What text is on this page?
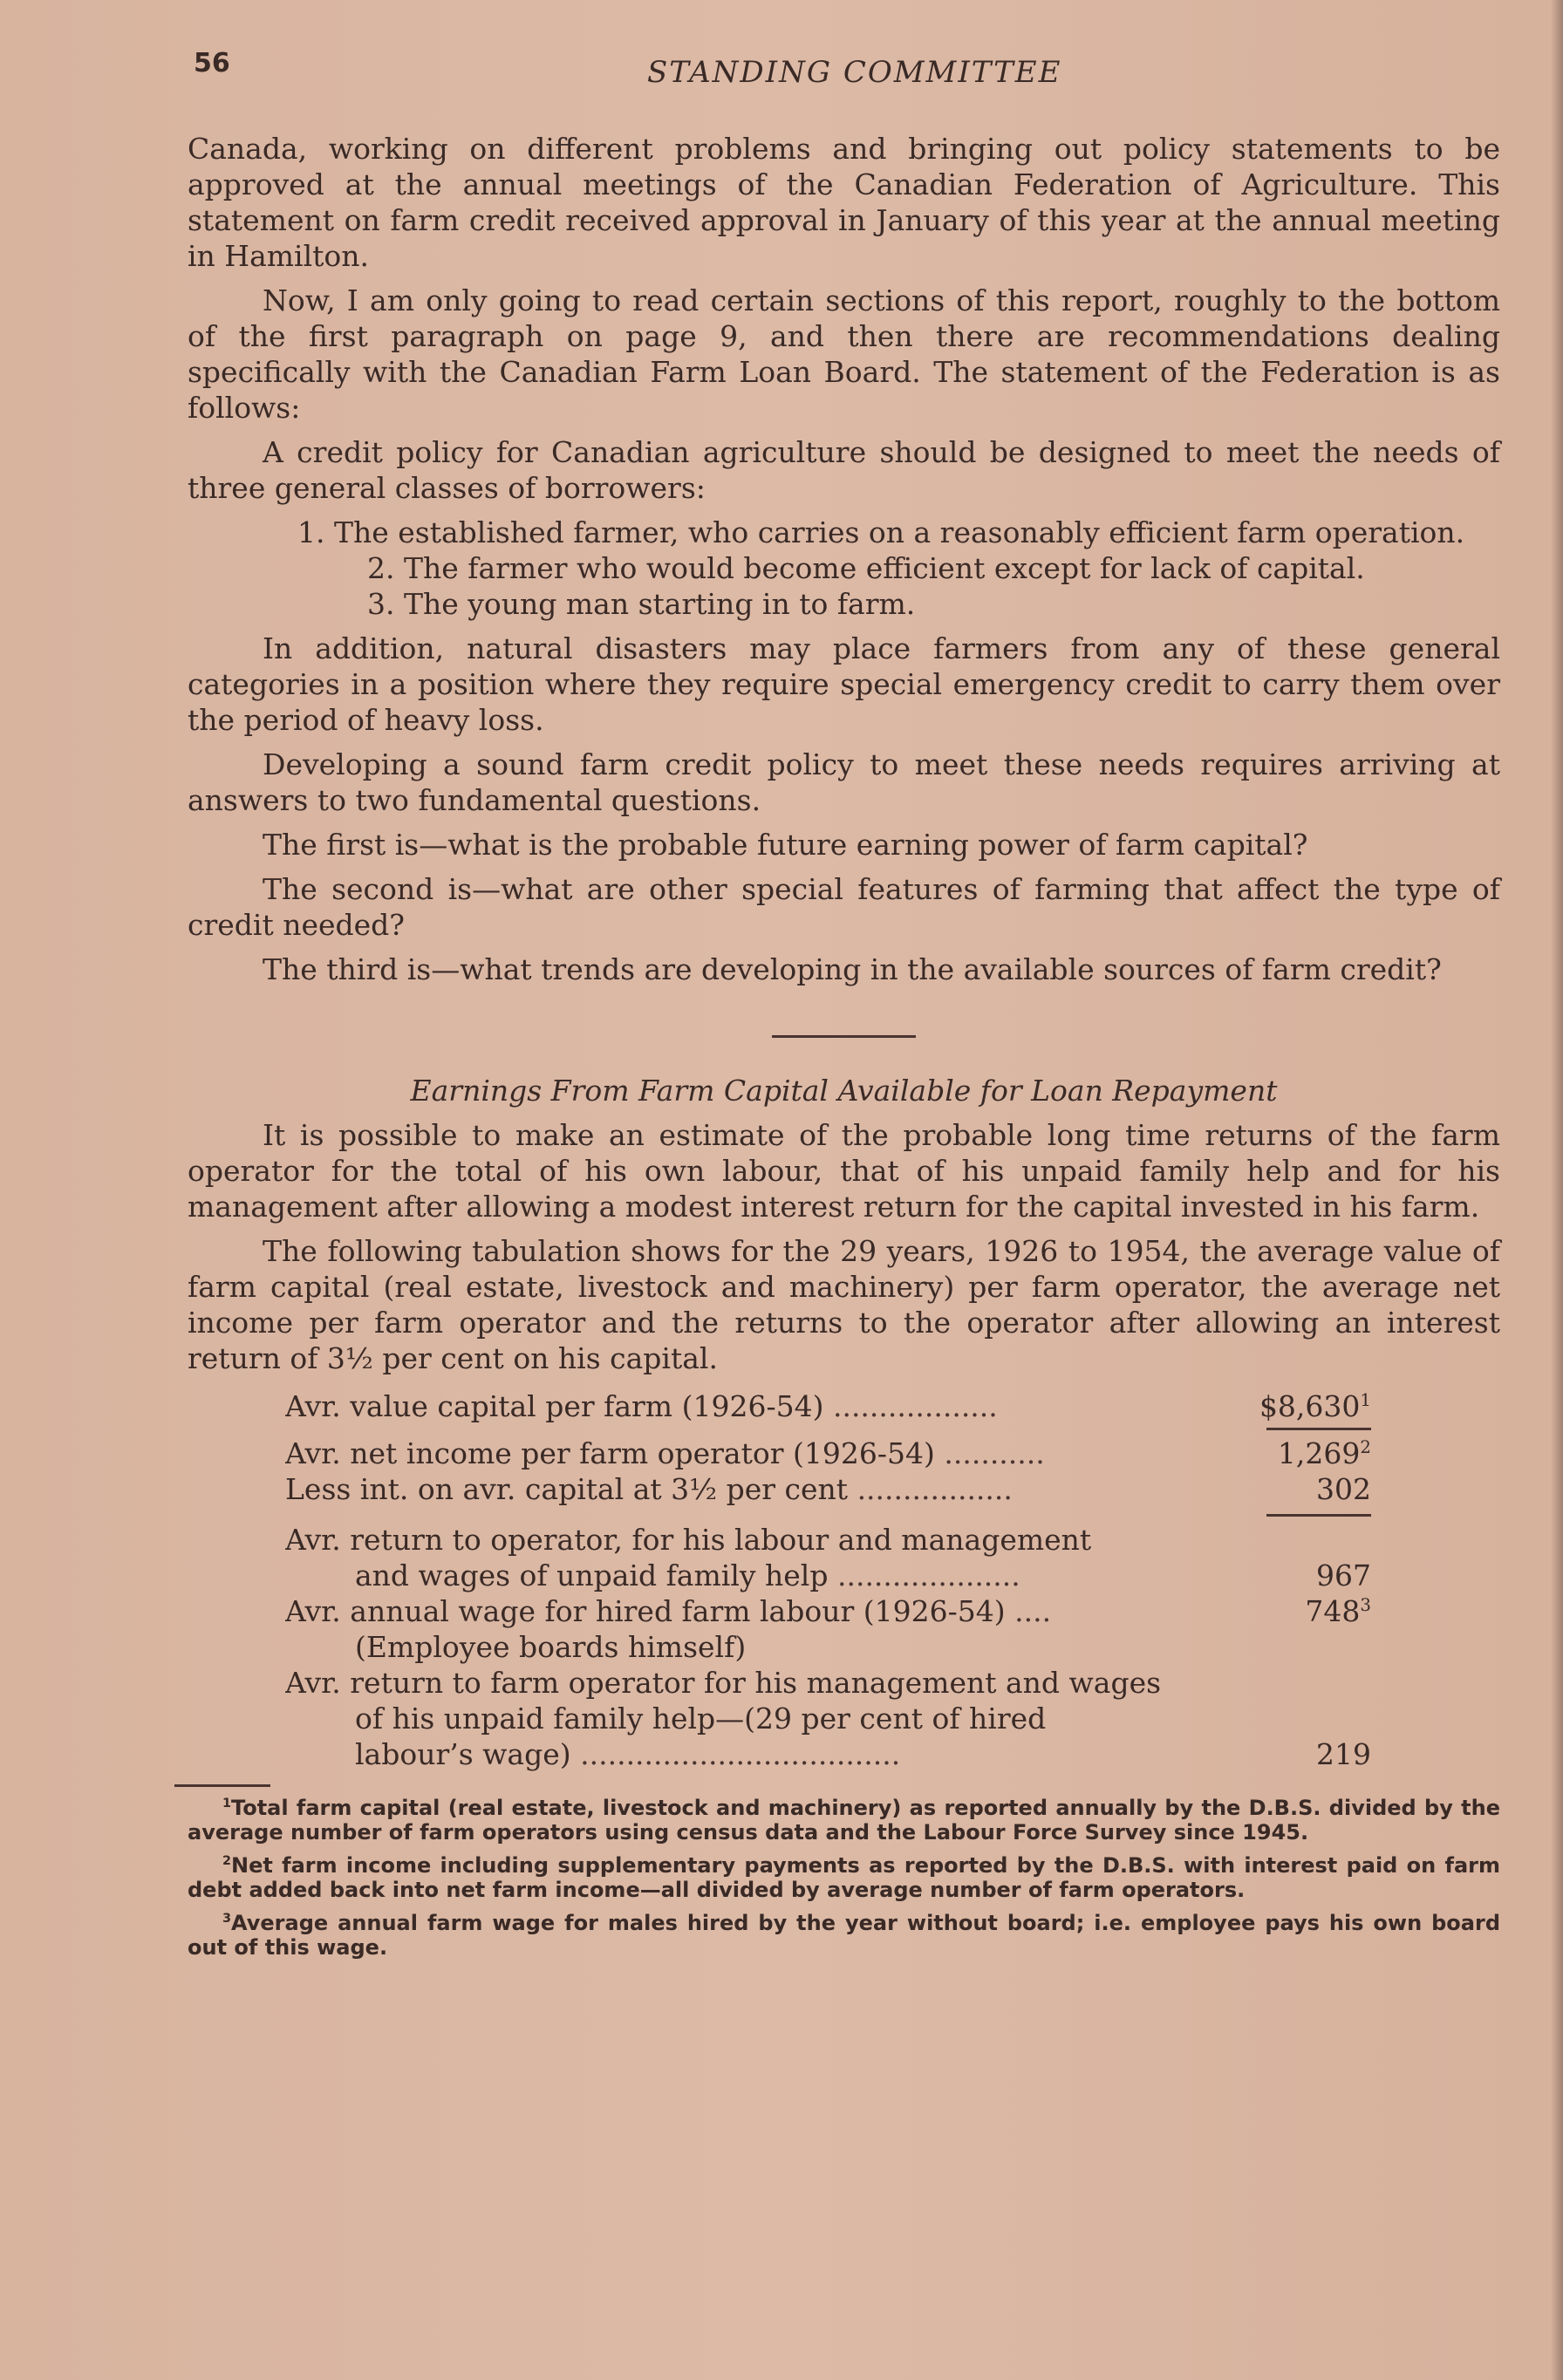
56	STANDING COMMITTEE

Canada, working on different problems and bringing out policy statements to be approved at the annual meetings of the Canadian Federation of Agriculture. This statement on farm credit received approval in January of this year at the annual meeting in Hamilton.

Now, I am only going to read certain sections of this report, roughly to the bottom of the first paragraph on page 9, and then there are recommendations dealing specifically with the Canadian Farm Loan Board. The statement of the Federation is as follows:

A credit policy for Canadian agriculture should be designed to meet the needs of three general classes of borrowers:

1. The established farmer, who carries on a reasonably efficient farm operation.

2. The farmer who would become efficient except for lack of capital.

3. The young man starting in to farm.

In addition, natural disasters may place farmers from any of these general categories in a position where they require special emergency credit to carry them over the period of heavy loss.

Developing a sound farm credit policy to meet these needs requires arriving at answers to two fundamental questions.

The first is—what is the probable future earning power of farm capital?

The second is—what are other special features of farming that affect the type of credit needed?

The third is—what trends are developing in the available sources of farm credit?

Earnings From Farm Capital Available for Loan Repayment

It is possible to make an estimate of the probable long time returns of the farm operator for the total of his own labour, that of his unpaid family help and for his management after allowing a modest interest return for the capital invested in his farm.

The following tabulation shows for the 29 years, 1926 to 1954, the average value of farm capital (real estate, livestock and machinery) per farm operator, the average net income per farm operator and the returns to the operator after allowing an interest return of 3½ per cent on his capital.

Avr. value capital per farm (1926-54) ..................	$8,630$^1$
Avr. net income per farm operator (1926-54) ...........	1,269$^2$
Less int. on avr. capital at 3½ per cent .................	302
Avr. return to operator, for his labour and management
and wages of unpaid family help ....................	967
Avr. annual wage for hired farm labour (1926-54) ....	$748^3$
(Employee boards himself)
Avr. return to farm operator for his management and wages
of his unpaid family help—(29 per cent of hired
labour’s wage) ...................................	219

$^1$Total farm capital (real estate, livestock and machinery) as reported annually by the D.B.S. divided by the average number of farm operators using census data and the Labour Force Survey since 1945.

$^2$Net farm income including supplementary payments as reported by the D.B.S. with interest paid on farm debt added back into net farm income—all divided by average number of farm operators.

$^3$Average annual farm wage for males hired by the year without board; i.e. employee pays his own board out of this wage.
